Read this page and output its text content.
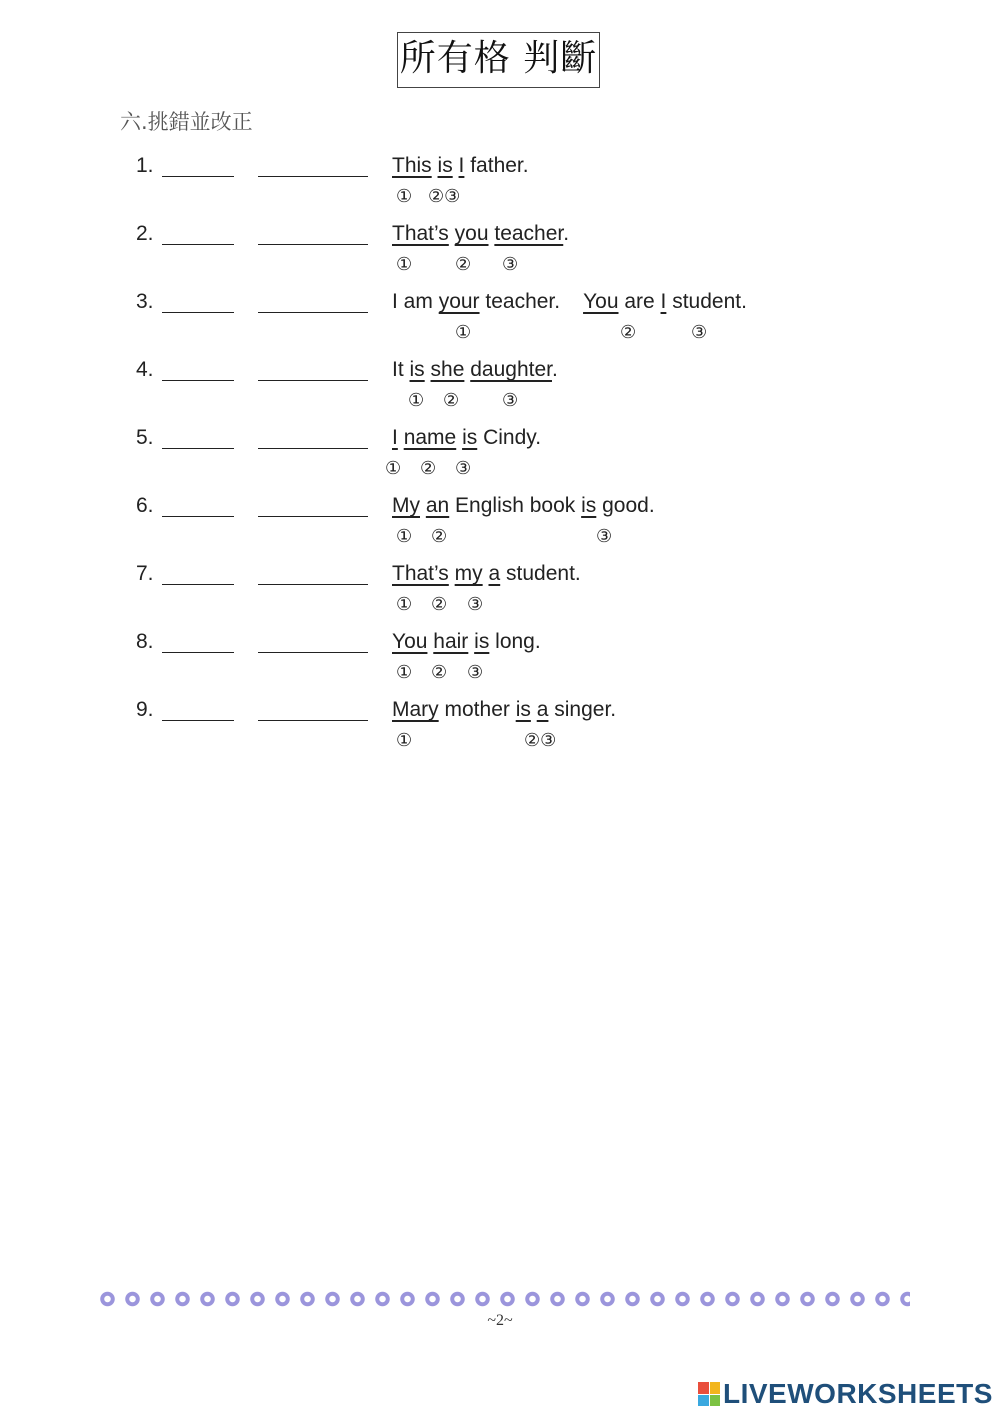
所有格 判斷
六.挑錯並改正
1.	This is I father.
① ②③
2.	That’s you teacher.
① ② ③
3.	I am your teacher.    You are I student.
①	②	③
4.	It is she daughter.
① ② ③
5.	I name is Cindy.
① ② ③
6.	My an English book is good.
① ②	③
7.	That’s my a student.
① ② ③
8.	You hair is long.
① ② ③
9.	Mary mother is a singer.
①	②③
~2~
LIVEWORKSHEETS
